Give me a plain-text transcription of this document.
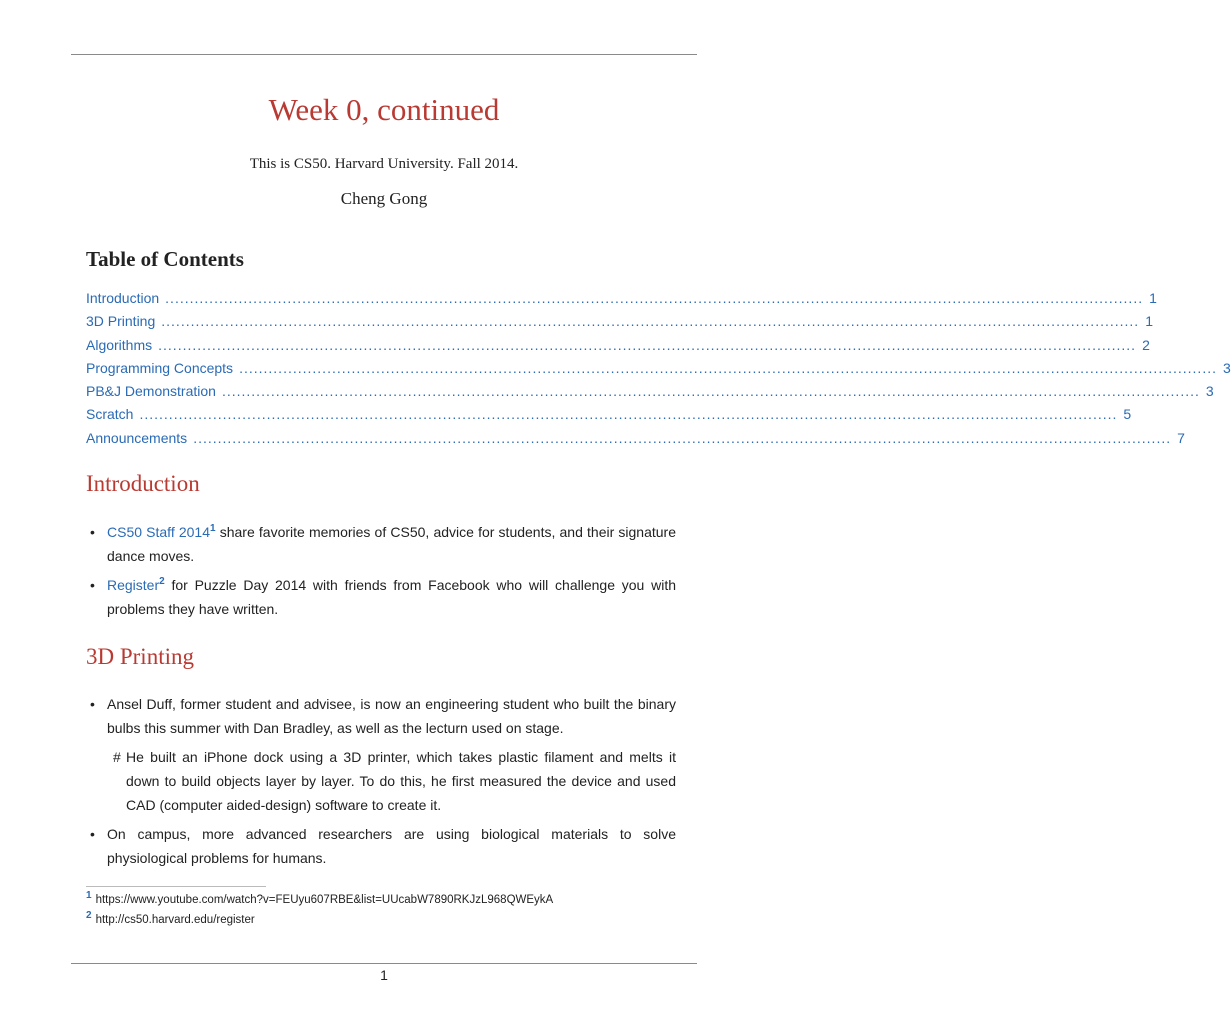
Week 0, continued
This is CS50. Harvard University. Fall 2014.
Cheng Gong
Table of Contents
Introduction ........................................................................................................................................................................................................ 1
3D Printing ........................................................................................................................................................................................................ 1
Algorithms ........................................................................................................................................................................................................ 2
Programming Concepts ........................................................................................................................................................................................................ 3
PB&J Demonstration ........................................................................................................................................................................................................ 3
Scratch ........................................................................................................................................................................................................ 5
Announcements ........................................................................................................................................................................................................ 7
Introduction
• CS50 Staff 2014$^1$ share favorite memories of CS50, advice for students, and their signature dance moves.
• Register$^2$ for Puzzle Day 2014 with friends from Facebook who will challenge you with problems they have written.
3D Printing
• Ansel Duff, former student and advisee, is now an engineering student who built the binary bulbs this summer with Dan Bradley, as well as the lecturn used on stage.
# He built an iPhone dock using a 3D printer, which takes plastic filament and melts it down to build objects layer by layer. To do this, he first measured the device and used CAD (computer aided-design) software to create it.
• On campus, more advanced researchers are using biological materials to solve physiological problems for humans.
1 https://www.youtube.com/watch?v=FEUyu607RBE&list=UUcabW7890RKJzL968QWEykA
2 http://cs50.harvard.edu/register
1
